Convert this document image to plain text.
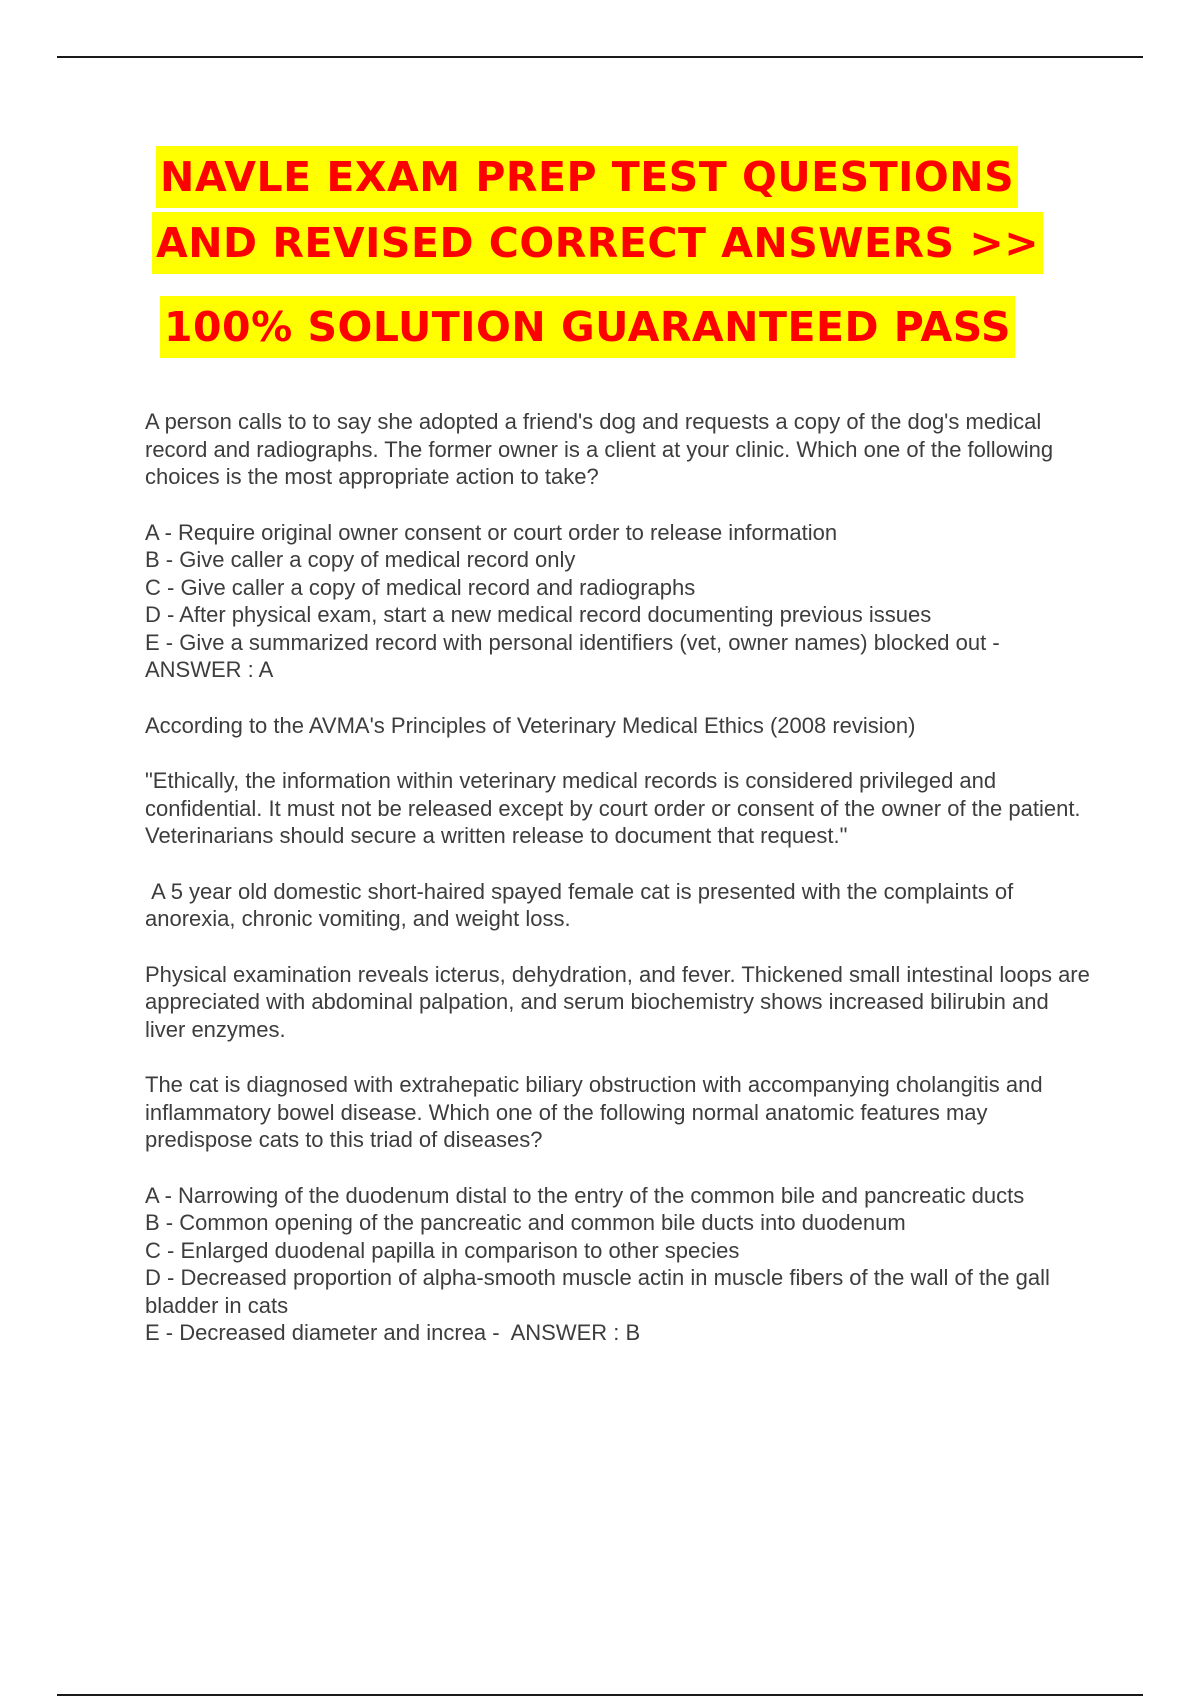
NAVLE EXAM PREP TEST QUESTIONS
AND REVISED CORRECT ANSWERS >>
100% SOLUTION GUARANTEED PASS

A person calls to to say she adopted a friend's dog and requests a copy of the dog's medical record and radiographs. The former owner is a client at your clinic. Which one of the following choices is the most appropriate action to take?

A - Require original owner consent or court order to release information
B - Give caller a copy of medical record only
C - Give caller a copy of medical record and radiographs
D - After physical exam, start a new medical record documenting previous issues
E - Give a summarized record with personal identifiers (vet, owner names) blocked out - ANSWER : A

According to the AVMA's Principles of Veterinary Medical Ethics (2008 revision)

"Ethically, the information within veterinary medical records is considered privileged and confidential. It must not be released except by court order or consent of the owner of the patient. Veterinarians should secure a written release to document that request."

A 5 year old domestic short-haired spayed female cat is presented with the complaints of anorexia, chronic vomiting, and weight loss.

Physical examination reveals icterus, dehydration, and fever. Thickened small intestinal loops are appreciated with abdominal palpation, and serum biochemistry shows increased bilirubin and liver enzymes.

The cat is diagnosed with extrahepatic biliary obstruction with accompanying cholangitis and inflammatory bowel disease. Which one of the following normal anatomic features may predispose cats to this triad of diseases?

A - Narrowing of the duodenum distal to the entry of the common bile and pancreatic ducts
B - Common opening of the pancreatic and common bile ducts into duodenum
C - Enlarged duodenal papilla in comparison to other species
D - Decreased proportion of alpha-smooth muscle actin in muscle fibers of the wall of the gall bladder in cats
E - Decreased diameter and increa -  ANSWER : B
